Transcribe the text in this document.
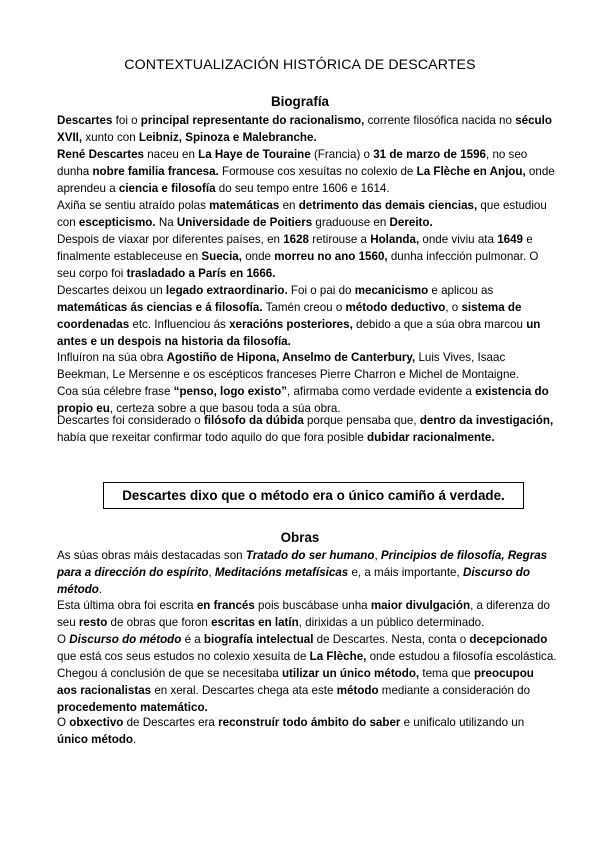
CONTEXTUALIZACIÓN HISTÓRICA DE DESCARTES
Biografía

Descartes foi o principal representante do racionalismo, corrente filosófica nacida no século XVII, xunto con Leibniz, Spinoza e Malebranche.

René Descartes naceu en La Haye de Touraine (Francia) o 31 de marzo de 1596, no seo dunha nobre familia francesa. Formouse cos xesuítas no colexio de La Flèche en Anjou, onde aprendeu a ciencia e filosofía do seu tempo entre 1606 e 1614.

Axiña se sentiu atraído polas matemáticas en detrimento das demais ciencias, que estudiou con escepticismo. Na Universidade de Poitiers graduouse en Dereito.

Despois de viaxar por diferentes países, en 1628 retirouse a Holanda, onde viviu ata 1649 e finalmente estableceuse en Suecia, onde morreu no ano 1560, dunha infección pulmonar. O seu corpo foi trasladado a París en 1666.

Descartes deixou un legado extraordinario. Foi o pai do mecanicismo e aplicou as matemáticas ás ciencias e á filosofía. Tamén creou o método deductivo, o sistema de coordenadas etc. Influenciou ás xeracións posteriores, debido a que a súa obra marcou un antes e un despois na historia da filosofía.

Influíron na súa obra Agostiño de Hipona, Anselmo de Canterbury, Luis Vives, Isaac Beekman, Le Mersenne e os escépticos franceses Pierre Charron e Michel de Montaigne.

Coa súa célebre frase “penso, logo existo”, afirmaba como verdade evidente a existencia do propio eu, certeza sobre a que basou toda a súa obra.

Descartes foi considerado o filósofo da dúbida porque pensaba que, dentro da investigación, había que rexeitar confirmar todo aquilo do que fora posible dubidar racionalmente.

Descartes dixo que o método era o único camiño á verdade.
Obras

As súas obras máis destacadas son Tratado do ser humano, Principios de filosofía, Regras para a dirección do espírito, Meditacións metafísicas e, a máis importante, Discurso do método.

Esta última obra foi escrita en francés pois buscábase unha maior divulgación, a diferenza do seu resto de obras que foron escritas en latín, dirixidas a un público determinado.

O Discurso do método é a biografía intelectual de Descartes. Nesta, conta o decepcionado que está cos seus estudos no colexio xesuíta de La Flèche, onde estudou a filosofía escolástica. Chegou á conclusión de que se necesitaba utilizar un único método, tema que preocupou aos racionalistas en xeral. Descartes chega ata este método mediante a consideración do procedemento matemático.

O obxectivo de Descartes era reconstruír todo ámbito do saber e unificalo utilizando un único método.
